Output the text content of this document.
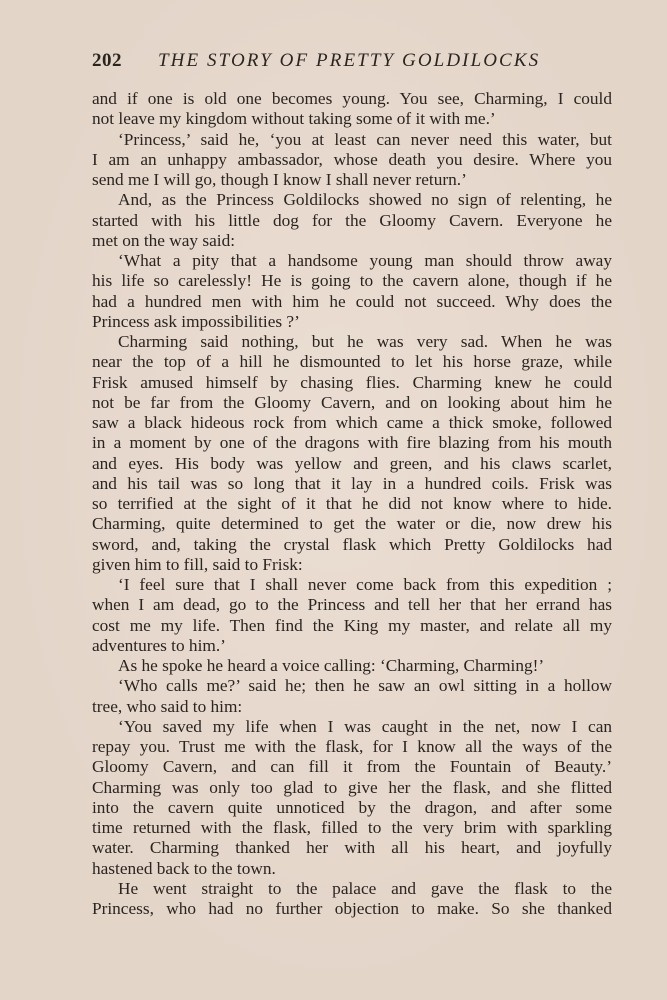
202 THE STORY OF PRETTY GOLDILOCKS
and if one is old one becomes young. You see, Charming, I could
not leave my kingdom without taking some of it with me.’
‘Princess,’ said he, ‘you at least can never need this water, but
I am an unhappy ambassador, whose death you desire. Where you
send me I will go, though I know I shall never return.’
And, as the Princess Goldilocks showed no sign of relenting, he
started with his little dog for the Gloomy Cavern. Everyone he
met on the way said:
‘What a pity that a handsome young man should throw away
his life so carelessly! He is going to the cavern alone, though if he
had a hundred men with him he could not succeed. Why does the
Princess ask impossibilities ?’
Charming said nothing, but he was very sad. When he was
near the top of a hill he dismounted to let his horse graze, while
Frisk amused himself by chasing flies. Charming knew he could
not be far from the Gloomy Cavern, and on looking about him he
saw a black hideous rock from which came a thick smoke, followed
in a moment by one of the dragons with fire blazing from his mouth
and eyes. His body was yellow and green, and his claws scarlet,
and his tail was so long that it lay in a hundred coils. Frisk was
so terrified at the sight of it that he did not know where to hide.
Charming, quite determined to get the water or die, now drew his
sword, and, taking the crystal flask which Pretty Goldilocks had
given him to fill, said to Frisk:
‘I feel sure that I shall never come back from this expedition ;
when I am dead, go to the Princess and tell her that her errand has
cost me my life. Then find the King my master, and relate all my
adventures to him.’
As he spoke he heard a voice calling: ‘Charming, Charming!’
‘Who calls me?’ said he; then he saw an owl sitting in a hollow
tree, who said to him:
‘You saved my life when I was caught in the net, now I can
repay you. Trust me with the flask, for I know all the ways of the
Gloomy Cavern, and can fill it from the Fountain of Beauty.’
Charming was only too glad to give her the flask, and she flitted
into the cavern quite unnoticed by the dragon, and after some
time returned with the flask, filled to the very brim with sparkling
water. Charming thanked her with all his heart, and joyfully
hastened back to the town.
He went straight to the palace and gave the flask to the
Princess, who had no further objection to make. So she thanked
